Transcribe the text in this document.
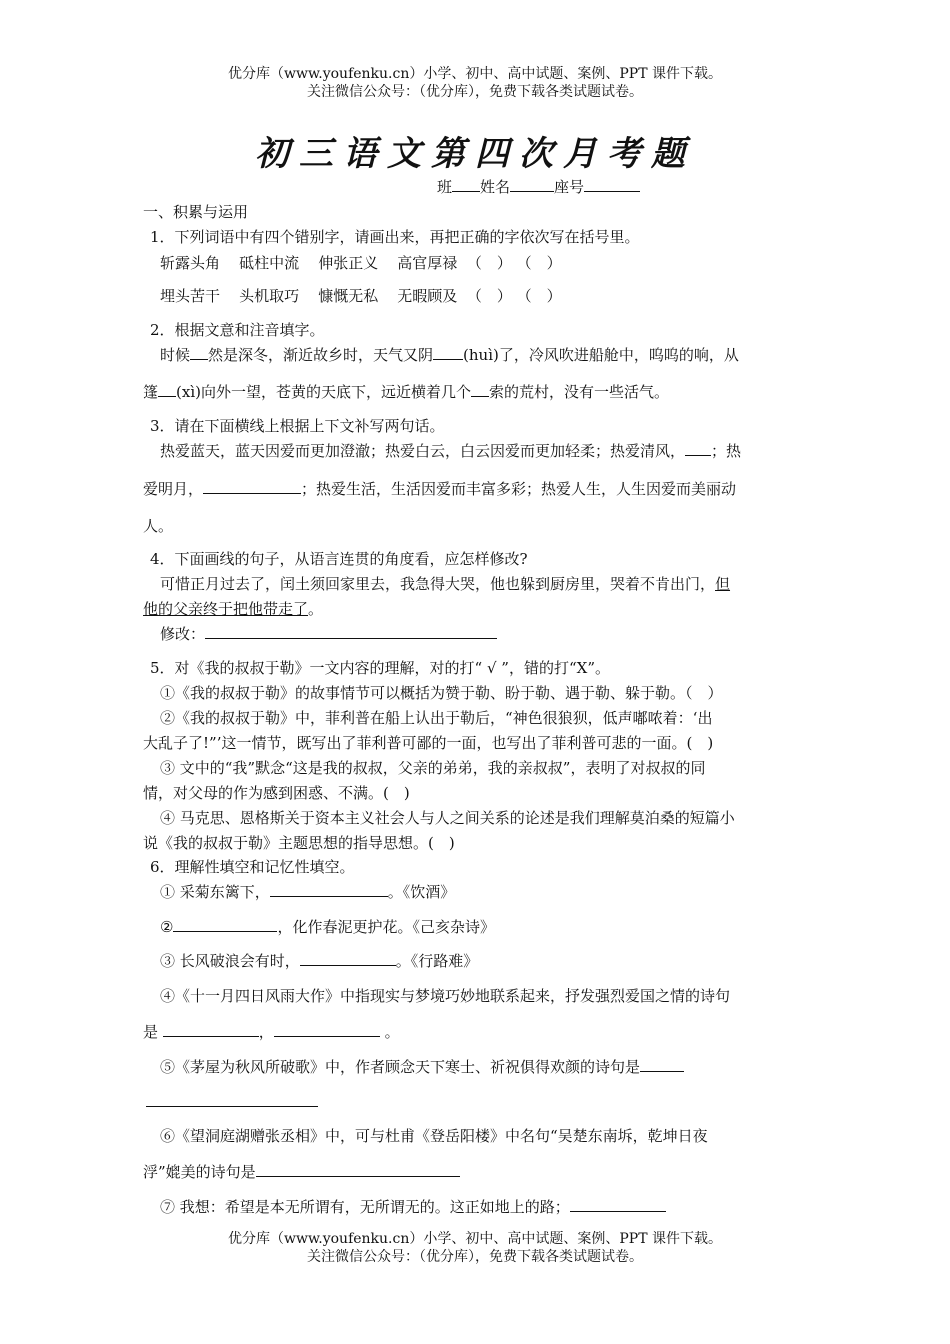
优分库（www.youfenku.cn）小学、初中、高中试题、案例、PPT 课件下载。
关注微信公众号：（优分库），免费下载各类试题试卷。
初三语文第四次月考题
班 姓名	座号
一、积累与运用
1．下列词语中有四个错别字，请画出来，再把正确的字依次写在括号里。
斩露头角 砥柱中流 伸张正义 高官厚禄 （　） （　）
埋头苦干 头机取巧 慷慨无私 无暇顾及 （　） （　）
2．根据文意和注音填字。
时候 然是深冬，渐近故乡时，天气又阴 (huì)了，冷风吹进船舱中，呜呜的响，从
篷 (xì)向外一望，苍黄的天底下，远近横着几个 索的荒村，没有一些活气。
3．请在下面横线上根据上下文补写两句话。
热爱蓝天，蓝天因爱而更加澄澈；热爱白云，白云因爱而更加轻柔；热爱清风， ；热
爱明月，	；热爱生活，生活因爱而丰富多彩；热爱人生，人生因爱而美丽动
人。
4．下面画线的句子，从语言连贯的角度看，应怎样修改?
可惜正月过去了，闰土须回家里去，我急得大哭，他也躲到厨房里，哭着不肯出门，但
他的父亲终于把他带走了。
修改：
5．对《我的叔叔于勒》一文内容的理解，对的打“ √ ”，错的打“X”。
①《我的叔叔于勒》的故事情节可以概括为赞于勒、盼于勒、遇于勒、躲于勒。（　）
②《我的叔叔于勒》中，菲利普在船上认出于勒后，“神色很狼狈，低声嘟哝着：‘出
大乱子了!”’这一情节，既写出了菲利普可鄙的一面，也写出了菲利普可悲的一面。(　)
③ 文中的“我”默念“这是我的叔叔，父亲的弟弟，我的亲叔叔”，表明了对叔叔的同
情，对父母的作为感到困惑、不满。(　)
④ 马克思、恩格斯关于资本主义社会人与人之间关系的论述是我们理解莫泊桑的短篇小
说《我的叔叔于勒》主题思想的指导思想。(　)
6．理解性填空和记忆性填空。
① 采菊东篱下，	。《饮酒》
②	，化作春泥更护花。《己亥杂诗》
③ 长风破浪会有时，	。《行路难》
④《十一月四日风雨大作》中指现实与梦境巧妙地联系起来，抒发强烈爱国之情的诗句
是	，	。
⑤《茅屋为秋风所破歌》中，作者顾念天下寒士、祈祝俱得欢颜的诗句是
⑥《望洞庭湖赠张丞相》中，可与杜甫《登岳阳楼》中名句“吴楚东南坼，乾坤日夜
浮”媲美的诗句是
⑦ 我想：希望是本无所谓有，无所谓无的。这正如地上的路；
优分库（www.youfenku.cn）小学、初中、高中试题、案例、PPT 课件下载。
关注微信公众号：（优分库），免费下载各类试题试卷。
